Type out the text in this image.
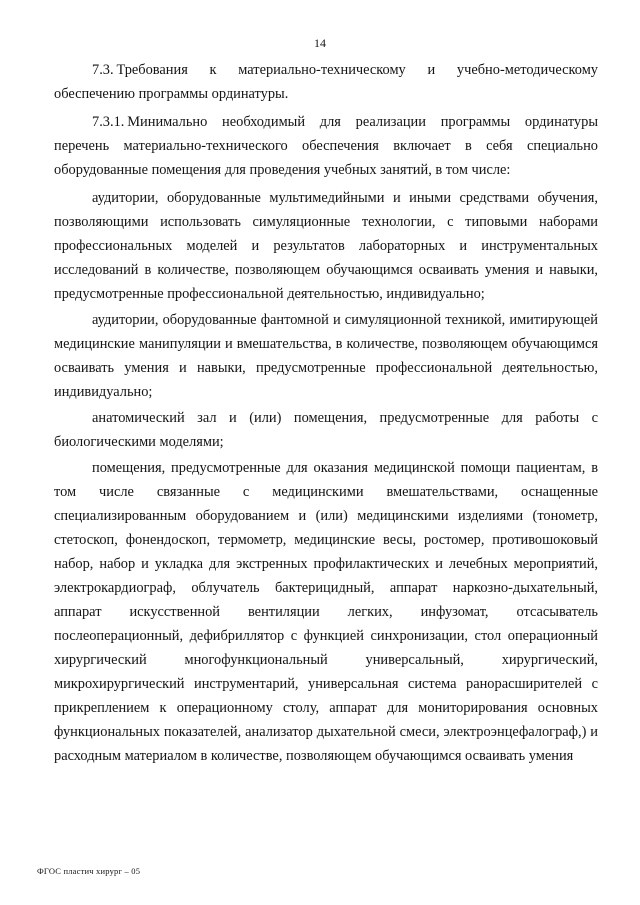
14

7.3. Требования к материально-техническому и учебно-методическому обеспечению программы ординатуры.

7.3.1. Минимально необходимый для реализации программы ординатуры перечень материально-технического обеспечения включает в себя специально оборудованные помещения для проведения учебных занятий, в том числе:

аудитории, оборудованные мультимедийными и иными средствами обучения, позволяющими использовать симуляционные технологии, с типовыми наборами профессиональных моделей и результатов лабораторных и инструментальных исследований в количестве, позволяющем обучающимся осваивать умения и навыки, предусмотренные профессиональной деятельностью, индивидуально;

аудитории, оборудованные фантомной и симуляционной техникой, имитирующей медицинские манипуляции и вмешательства, в количестве, позволяющем обучающимся осваивать умения и навыки, предусмотренные профессиональной деятельностью, индивидуально;

анатомический зал и (или) помещения, предусмотренные для работы с биологическими моделями;

помещения, предусмотренные для оказания медицинской помощи пациентам, в том числе связанные с медицинскими вмешательствами, оснащенные специализированным оборудованием и (или) медицинскими изделиями (тонометр, стетоскоп, фонендоскоп, термометр, медицинские весы, ростомер, противошоковый набор, набор и укладка для экстренных профилактических и лечебных мероприятий, электрокардиограф, облучатель бактерицидный, аппарат наркозно-дыхательный, аппарат искусственной вентиляции легких, инфузомат, отсасыватель послеоперационный, дефибриллятор с функцией синхронизации, стол операционный хирургический многофункциональный универсальный, хирургический, микрохирургический инструментарий, универсальная система ранорасширителей с прикреплением к операционному столу, аппарат для мониторирования основных функциональных показателей, анализатор дыхательной смеси, электроэнцефалограф,) и расходным материалом в количестве, позволяющем обучающимся осваивать умения

ФГОС пластич хирург – 05
